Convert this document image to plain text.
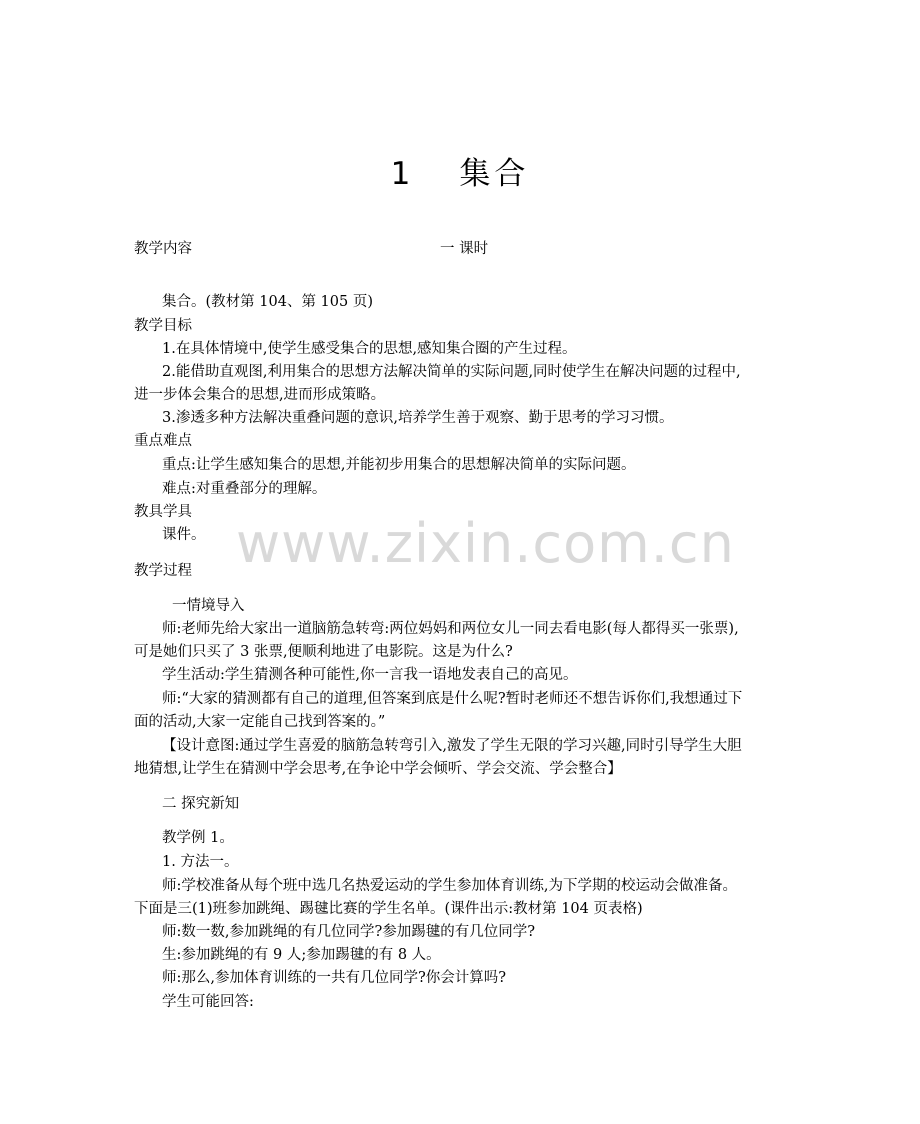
1 集合
教学内容	一 课时
集合。(教材第 104、第 105 页)
教学目标
1.在具体情境中,使学生感受集合的思想,感知集合圈的产生过程。
2.能借助直观图,利用集合的思想方法解决简单的实际问题,同时使学生在解决问题的过程中,
进一步体会集合的思想,进而形成策略。
3.渗透多种方法解决重叠问题的意识,培养学生善于观察、勤于思考的学习习惯。
重点难点
重点:让学生感知集合的思想,并能初步用集合的思想解决简单的实际问题。
难点:对重叠部分的理解。
教具学具
课件。 www.zixin.com.cn
教学过程
一情境导入
师:老师先给大家出一道脑筋急转弯:两位妈妈和两位女儿一同去看电影(每人都得买一张票),
可是她们只买了 3 张票,便顺利地进了电影院。这是为什么?
学生活动:学生猜测各种可能性,你一言我一语地发表自己的高见。
师:“大家的猜测都有自己的道理,但答案到底是什么呢?暂时老师还不想告诉你们,我想通过下
面的活动,大家一定能自己找到答案的。”
【设计意图:通过学生喜爱的脑筋急转弯引入,激发了学生无限的学习兴趣,同时引导学生大胆
地猜想,让学生在猜测中学会思考,在争论中学会倾听、学会交流、学会整合】
二 探究新知
教学例 1。
1. 方法一。
师:学校准备从每个班中选几名热爱运动的学生参加体育训练,为下学期的校运动会做准备。
下面是三(1)班参加跳绳、踢毽比赛的学生名单。(课件出示:教材第 104 页表格)
师:数一数,参加跳绳的有几位同学?参加踢毽的有几位同学?
生:参加跳绳的有 9 人;参加踢毽的有 8 人。
师:那么,参加体育训练的一共有几位同学?你会计算吗?
学生可能回答:
